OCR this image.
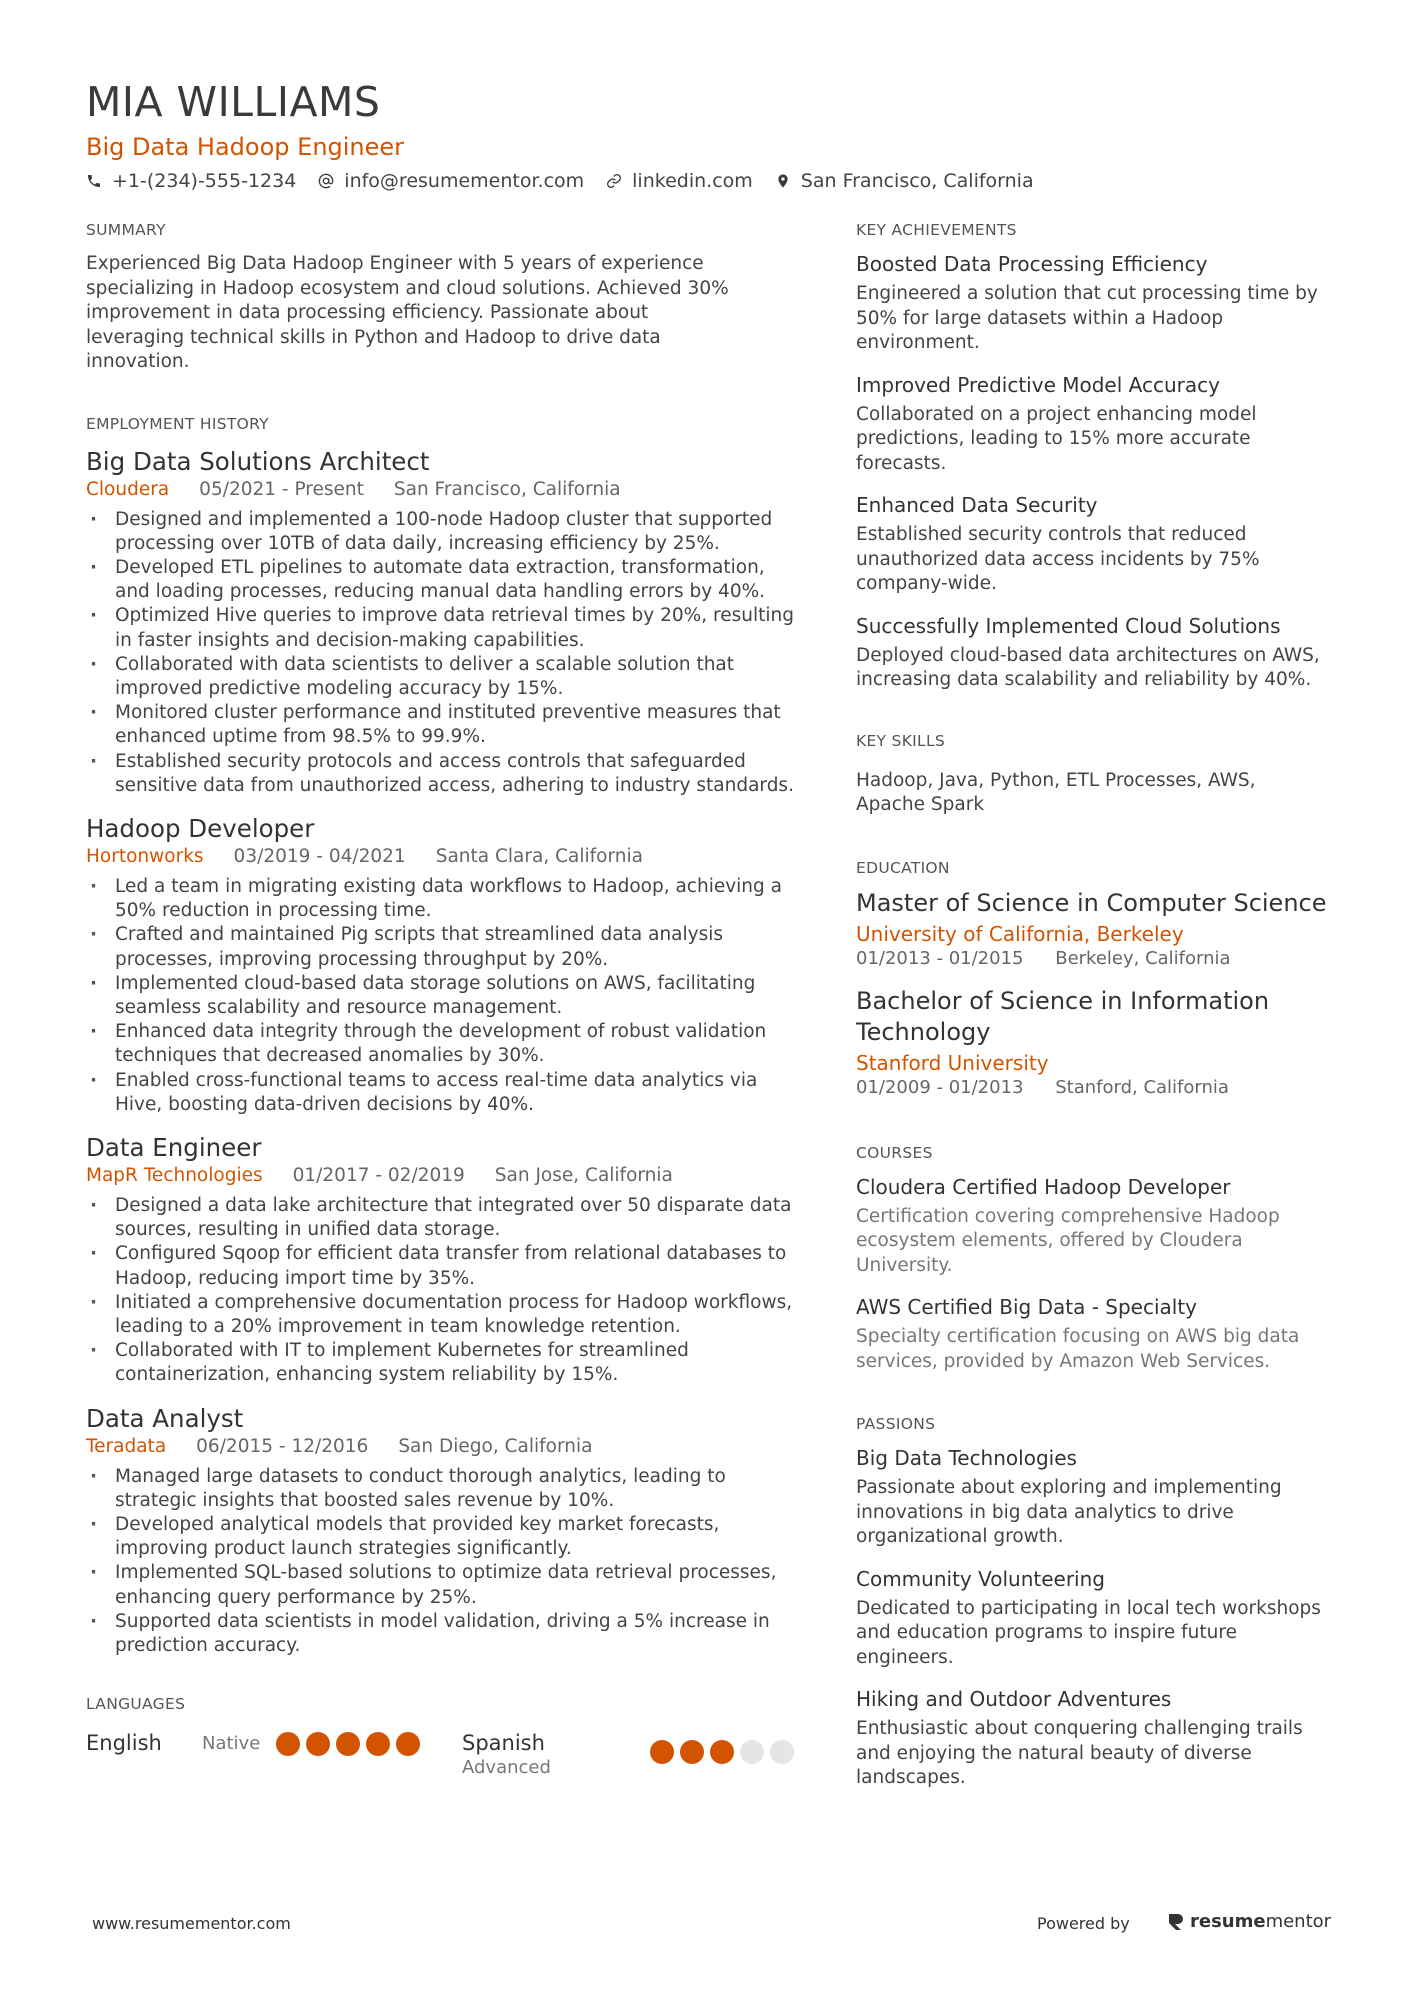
MIA WILLIAMS
Big Data Hadoop Engineer
+1-(234)-555-1234	info@resumementor.com	linkedin.com	San Francisco, California
SUMMARY
Experienced Big Data Hadoop Engineer with 5 years of experience specializing in Hadoop ecosystem and cloud solutions. Achieved 30% improvement in data processing efficiency. Passionate about leveraging technical skills in Python and Hadoop to drive data innovation.
EMPLOYMENT HISTORY
Big Data Solutions Architect
Cloudera 05/2021 - Present San Francisco, California
· Designed and implemented a 100-node Hadoop cluster that supported processing over 10TB of data daily, increasing efficiency by 25%.
· Developed ETL pipelines to automate data extraction, transformation, and loading processes, reducing manual data handling errors by 40%.
· Optimized Hive queries to improve data retrieval times by 20%, resulting in faster insights and decision-making capabilities.
· Collaborated with data scientists to deliver a scalable solution that improved predictive modeling accuracy by 15%.
· Monitored cluster performance and instituted preventive measures that enhanced uptime from 98.5% to 99.9%.
· Established security protocols and access controls that safeguarded sensitive data from unauthorized access, adhering to industry standards.
Hadoop Developer
Hortonworks 03/2019 - 04/2021 Santa Clara, California
· Led a team in migrating existing data workflows to Hadoop, achieving a 50% reduction in processing time.
· Crafted and maintained Pig scripts that streamlined data analysis processes, improving processing throughput by 20%.
· Implemented cloud-based data storage solutions on AWS, facilitating seamless scalability and resource management.
· Enhanced data integrity through the development of robust validation techniques that decreased anomalies by 30%.
· Enabled cross-functional teams to access real-time data analytics via Hive, boosting data-driven decisions by 40%.
Data Engineer
MapR Technologies 01/2017 - 02/2019 San Jose, California
· Designed a data lake architecture that integrated over 50 disparate data sources, resulting in unified data storage.
· Configured Sqoop for efficient data transfer from relational databases to Hadoop, reducing import time by 35%.
· Initiated a comprehensive documentation process for Hadoop workflows, leading to a 20% improvement in team knowledge retention.
· Collaborated with IT to implement Kubernetes for streamlined containerization, enhancing system reliability by 15%.
Data Analyst
Teradata 06/2015 - 12/2016 San Diego, California
· Managed large datasets to conduct thorough analytics, leading to strategic insights that boosted sales revenue by 10%.
· Developed analytical models that provided key market forecasts, improving product launch strategies significantly.
· Implemented SQL-based solutions to optimize data retrieval processes, enhancing query performance by 25%.
· Supported data scientists in model validation, driving a 5% increase in prediction accuracy.
LANGUAGES
English	Native	Spanish
Advanced
KEY ACHIEVEMENTS
Boosted Data Processing Efficiency
Engineered a solution that cut processing time by 50% for large datasets within a Hadoop environment.
Improved Predictive Model Accuracy
Collaborated on a project enhancing model predictions, leading to 15% more accurate forecasts.
Enhanced Data Security
Established security controls that reduced unauthorized data access incidents by 75% company-wide.
Successfully Implemented Cloud Solutions
Deployed cloud-based data architectures on AWS, increasing data scalability and reliability by 40%.
KEY SKILLS
Hadoop, Java, Python, ETL Processes, AWS, Apache Spark
EDUCATION
Master of Science in Computer Science
University of California, Berkeley
01/2013 - 01/2015 Berkeley, California
Bachelor of Science in Information Technology
Stanford University
01/2009 - 01/2013 Stanford, California
COURSES
Cloudera Certified Hadoop Developer
Certification covering comprehensive Hadoop ecosystem elements, offered by Cloudera University.
AWS Certified Big Data - Specialty
Specialty certification focusing on AWS big data services, provided by Amazon Web Services.
PASSIONS
Big Data Technologies
Passionate about exploring and implementing innovations in big data analytics to drive organizational growth.
Community Volunteering
Dedicated to participating in local tech workshops and education programs to inspire future engineers.
Hiking and Outdoor Adventures
Enthusiastic about conquering challenging trails and enjoying the natural beauty of diverse landscapes.
www.resumementor.com	Powered by	resume mentor
